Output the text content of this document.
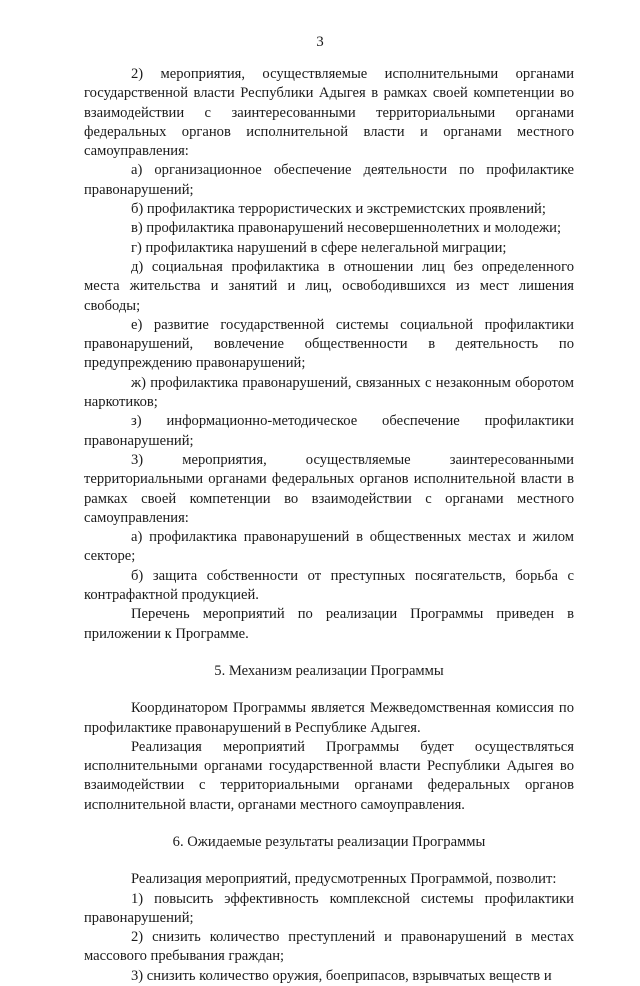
3

2) мероприятия, осуществляемые исполнительными органами государственной власти Республики Адыгея в рамках своей компетенции во взаимодействии с заинтересованными территориальными органами федеральных органов исполнительной власти и органами местного самоуправления:

а) организационное обеспечение деятельности по профилактике правонарушений;

б) профилактика террористических и экстремистских проявлений;

в) профилактика правонарушений несовершеннолетних и молодежи;

г) профилактика нарушений в сфере нелегальной миграции;

д) социальная профилактика в отношении лиц без определенного места жительства и занятий и лиц, освободившихся из мест лишения свободы;

е) развитие государственной системы социальной профилактики правонарушений, вовлечение общественности в деятельность по предупреждению правонарушений;

ж) профилактика правонарушений, связанных с незаконным оборотом наркотиков;

з) информационно-методическое обеспечение профилактики правонарушений;

3) мероприятия, осуществляемые заинтересованными территориальными органами федеральных органов исполнительной власти в рамках своей компетенции во взаимодействии с органами местного самоуправления:

а) профилактика правонарушений в общественных местах и жилом секторе;

б) защита собственности от преступных посягательств, борьба с контрафактной продукцией.

Перечень мероприятий по реализации Программы приведен в приложении к Программе.

5. Механизм реализации Программы

Координатором Программы является Межведомственная комиссия по профилактике правонарушений в Республике Адыгея.

Реализация мероприятий Программы будет осуществляться исполнительными органами государственной власти Республики Адыгея во взаимодействии с территориальными органами федеральных органов исполнительной власти, органами местного самоуправления.

6. Ожидаемые результаты реализации Программы

Реализация мероприятий, предусмотренных Программой, позволит:

1) повысить эффективность комплексной системы профилактики правонарушений;

2) снизить количество преступлений и правонарушений в местах массового пребывания граждан;

3) снизить количество оружия, боеприпасов, взрывчатых веществ и
